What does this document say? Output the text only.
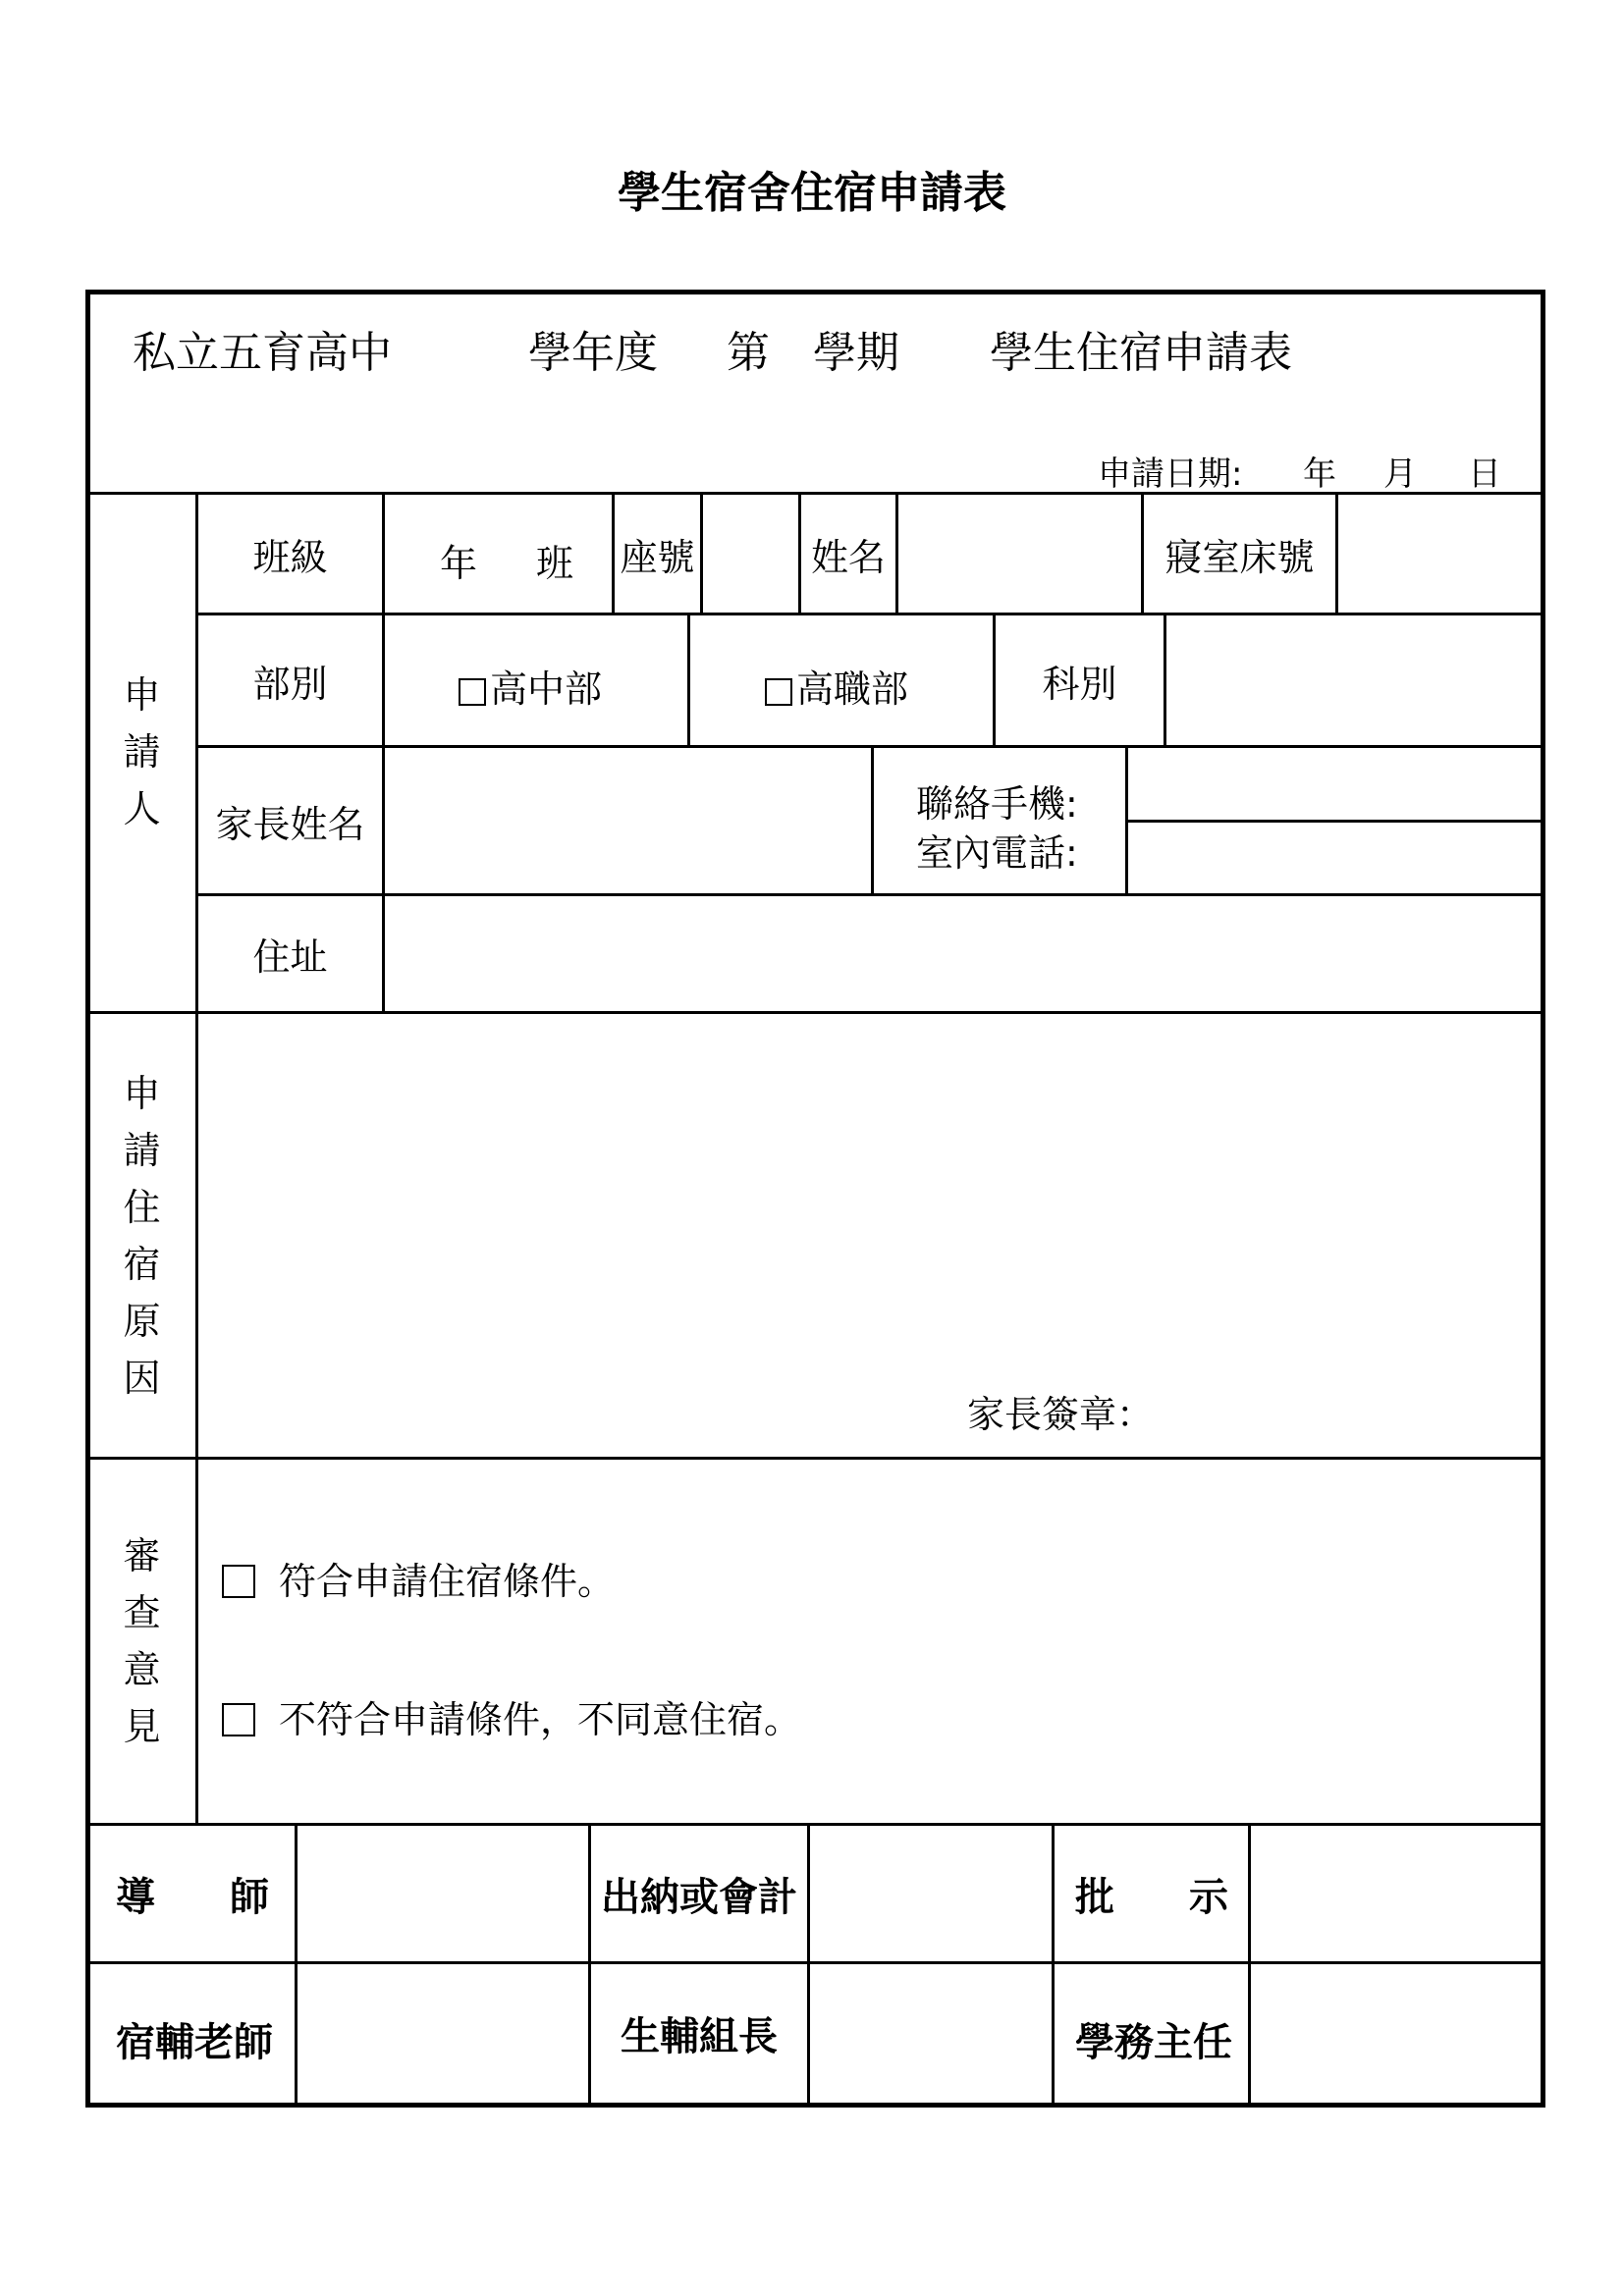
學生宿舍住宿申請表
私立五育高中	學年度 第 學期 學生住宿申請表
申請日期: 年 月 日
申
請
人
班級	年 班 座號	姓名	寢室床號
部別	高中部	高職部	科別
家長姓名	聯絡手機:
室內電話:
住址
申
請
住
宿
原
因
家長簽章：
審
查
意
見
符合申請住宿條件。
不符合申請條件，不同意住宿。
導 師	出納或會計	批 示
宿輔老師	生輔組長	學務主任
